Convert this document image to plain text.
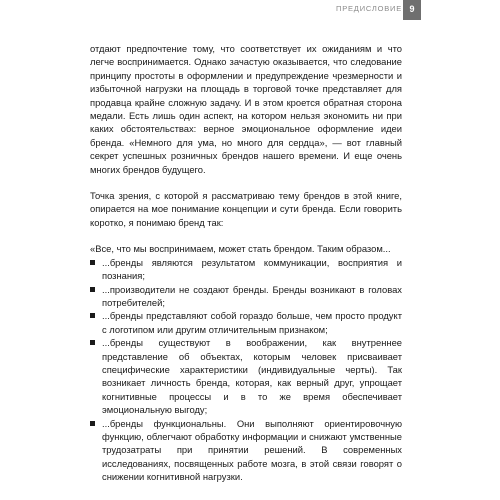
ПРЕДИСЛОВИЕ 9

отдают предпочтение тому, что соответствует их ожиданиям и что легче воспринимается. Однако зачастую оказывается, что следование принципу простоты в оформлении и предупреждение чрезмерности и избыточной нагрузки на площадь в торговой точке представляет для продавца крайне сложную задачу. И в этом кроется обратная сторона медали. Есть лишь один аспект, на котором нельзя экономить ни при каких обстоятельствах: верное эмоциональное оформление идеи бренда. «Немного для ума, но много для сердца», — вот главный секрет успешных розничных брендов нашего времени. И еще очень многих брендов будущего.

Точка зрения, с которой я рассматриваю тему брендов в этой книге, опирается на мое понимание концепции и сути бренда. Если говорить коротко, я понимаю бренд так:

«Все, что мы воспринимаем, может стать брендом. Таким образом...

...бренды являются результатом коммуникации, восприятия и познания;
...производители не создают бренды. Бренды возникают в головах потребителей;
...бренды представляют собой гораздо больше, чем просто продукт с логотипом или другим отличительным признаком;
...бренды существуют в воображении, как внутреннее представление об объектах, которым человек присваивает специфические характеристики (индивидуальные черты). Так возникает личность бренда, которая, как верный друг, упрощает когнитивные процессы и в то же время обеспечивает эмоциональную выгоду;
...бренды функциональны. Они выполняют ориентировочную функцию, облегчают обработку информации и снижают умственные трудозатраты при принятии решений. В современных исследованиях, посвященных работе мозга, в этой связи говорят о снижении когнитивной нагрузки.
